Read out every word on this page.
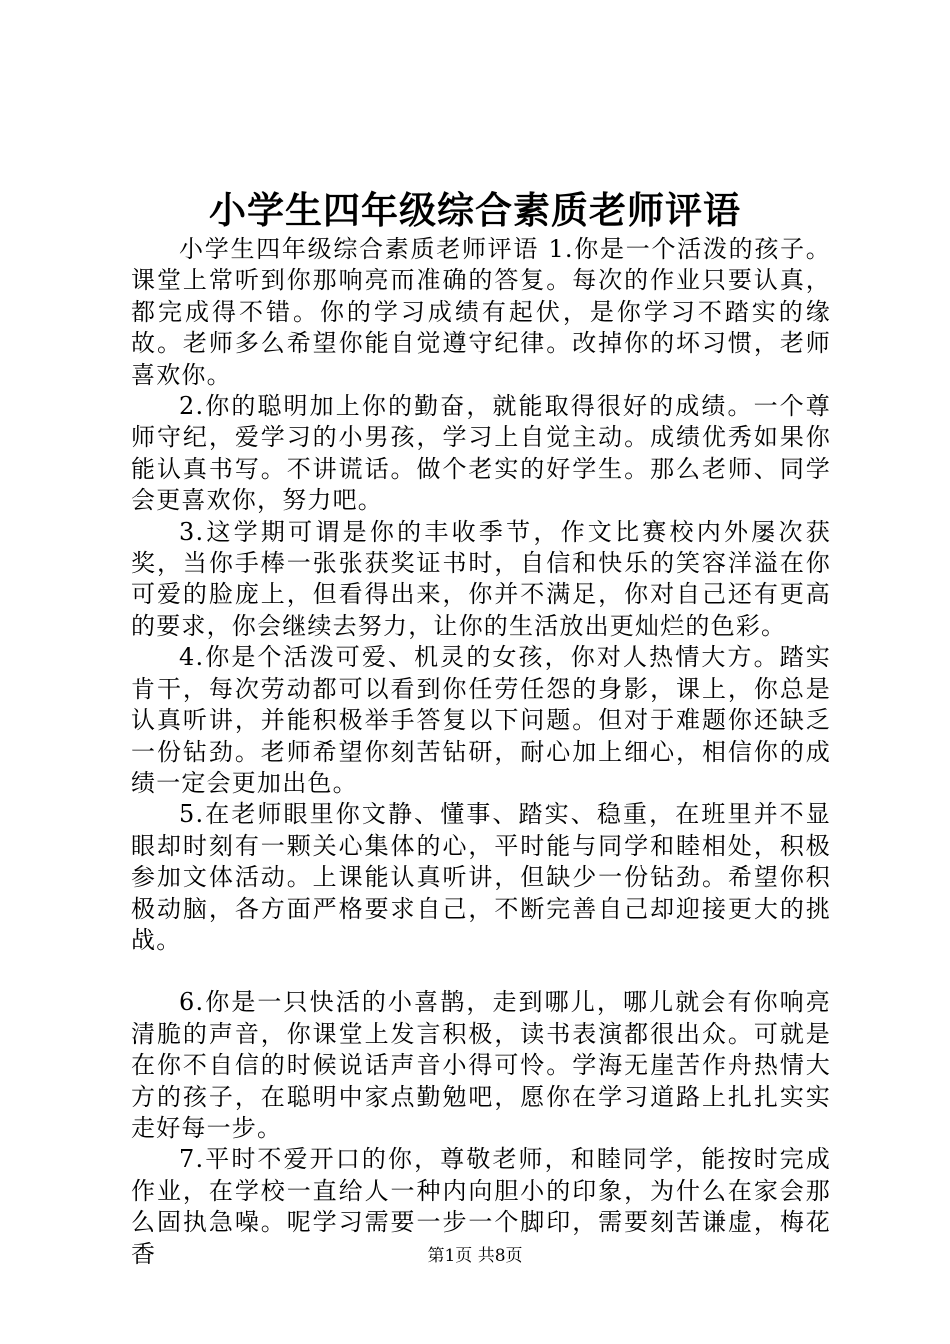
小学生四年级综合素质老师评语

小学生四年级综合素质老师评语 1.你是一个活泼的孩子。课堂上常听到你那响亮而准确的答复。每次的作业只要认真，都完成得不错。你的学习成绩有起伏，是你学习不踏实的缘故。老师多么希望你能自觉遵守纪律。改掉你的坏习惯，老师喜欢你。

2.你的聪明加上你的勤奋，就能取得很好的成绩。一个尊师守纪，爱学习的小男孩，学习上自觉主动。成绩优秀如果你能认真书写。不讲谎话。做个老实的好学生。那么老师、同学会更喜欢你，努力吧。

3.这学期可谓是你的丰收季节，作文比赛校内外屡次获奖，当你手棒一张张获奖证书时，自信和快乐的笑容洋溢在你可爱的脸庞上，但看得出来，你并不满足，你对自己还有更高的要求，你会继续去努力，让你的生活放出更灿烂的色彩。

4.你是个活泼可爱、机灵的女孩，你对人热情大方。踏实肯干，每次劳动都可以看到你任劳任怨的身影，课上，你总是认真听讲，并能积极举手答复以下问题。但对于难题你还缺乏一份钻劲。老师希望你刻苦钻研，耐心加上细心，相信你的成绩一定会更加出色。

5.在老师眼里你文静、懂事、踏实、稳重，在班里并不显眼却时刻有一颗关心集体的心，平时能与同学和睦相处，积极参加文体活动。上课能认真听讲，但缺少一份钻劲。希望你积极动脑，各方面严格要求自己，不断完善自己却迎接更大的挑战。

6.你是一只快活的小喜鹊，走到哪儿，哪儿就会有你响亮清脆的声音，你课堂上发言积极，读书表演都很出众。可就是在你不自信的时候说话声音小得可怜。学海无崖苦作舟热情大方的孩子，在聪明中家点勤勉吧，愿你在学习道路上扎扎实实走好每一步。

7.平时不爱开口的你，尊敬老师，和睦同学，能按时完成作业，在学校一直给人一种内向胆小的印象，为什么在家会那么固执急噪。呢学习需要一步一个脚印，需要刻苦谦虚，梅花香	第1页 共8页
